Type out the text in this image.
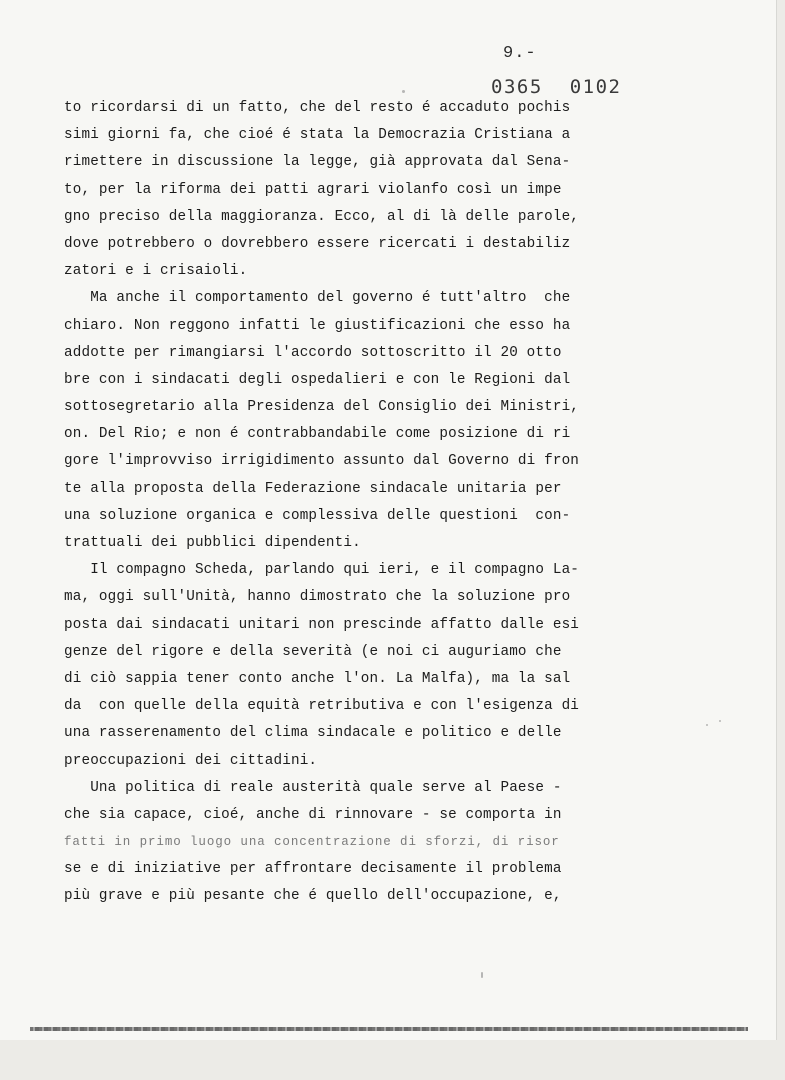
9.-
0365 0102
to ricordarsi di un fatto, che del resto é accaduto pochis
simi giorni fa, che cioé é stata la Democrazia Cristiana a
rimettere in discussione la legge, già approvata dal Sena-
to, per la riforma dei patti agrari violanfo così un impe
gno preciso della maggioranza. Ecco, al di là delle parole,
dove potrebbero o dovrebbero essere ricercati i destabiliz
zatori e i crisaioli.
Ma anche il comportamento del governo é tutt'altro  che
chiaro. Non reggono infatti le giustificazioni che esso ha
addotte per rimangiarsi l'accordo sottoscritto il 20 otto
bre con i sindacati degli ospedalieri e con le Regioni dal
sottosegretario alla Presidenza del Consiglio dei Ministri,
on. Del Rio; e non é contrabbandabile come posizione di ri
gore l'improvviso irrigidimento assunto dal Governo di fron
te alla proposta della Federazione sindacale unitaria per
una soluzione organica e complessiva delle questioni  con-
trattuali dei pubblici dipendenti.
Il compagno Scheda, parlando qui ieri, e il compagno La-
ma, oggi sull'Unità, hanno dimostrato che la soluzione pro
posta dai sindacati unitari non prescinde affatto dalle esi
genze del rigore e della severità (e noi ci auguriamo che
di ciò sappia tener conto anche l'on. La Malfa), ma la sal
da  con quelle della equità retributiva e con l'esigenza di
una rasserenamento del clima sindacale e politico e delle
preoccupazioni dei cittadini.
Una politica di reale austerità quale serve al Paese -
che sia capace, cioé, anche di rinnovare - se comporta in
fatti in primo luogo una concentrazione di sforzi, di risor
se e di iniziative per affrontare decisamente il problema
più grave e più pesante che é quello dell'occupazione, e,
